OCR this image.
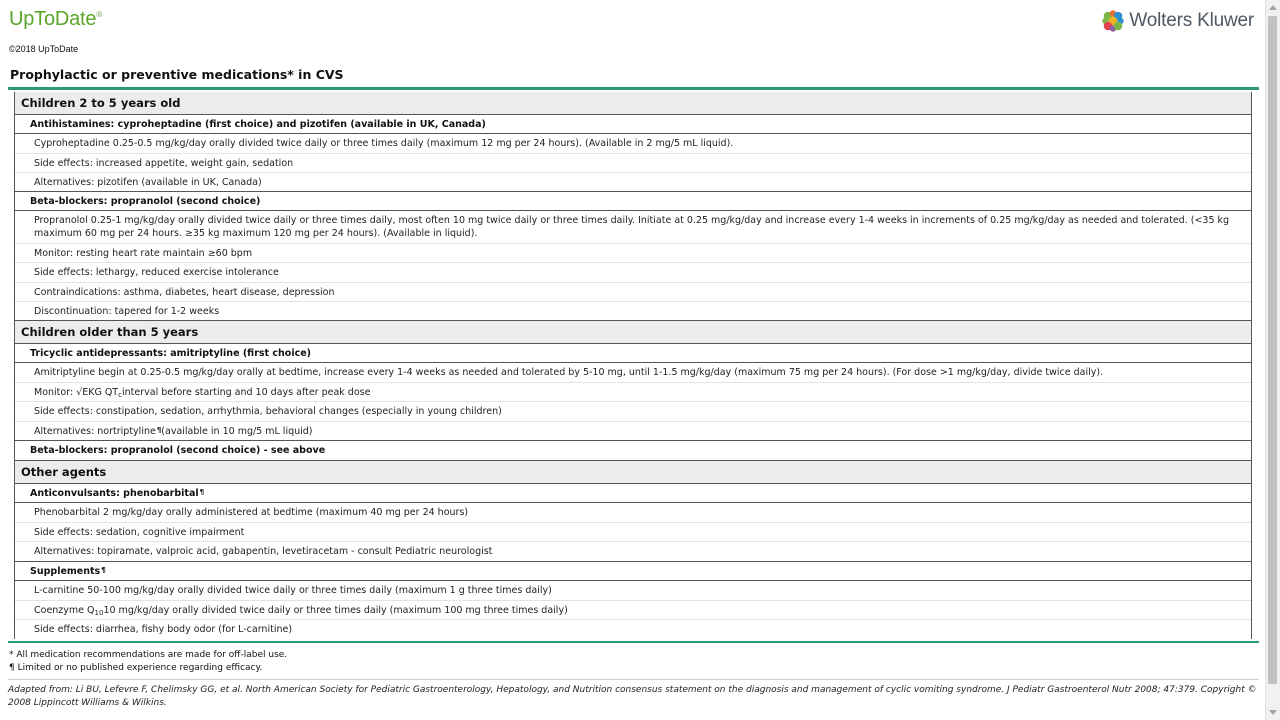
UpToDate®
©2018 UpToDate
Wolters Kluwer
Prophylactic or preventive medications* in CVS
Children 2 to 5 years old
Antihistamines: cyproheptadine (first choice) and pizotifen (available in UK, Canada)
Cyproheptadine 0.25-0.5 mg/kg/day orally divided twice daily or three times daily (maximum 12 mg per 24 hours). (Available in 2 mg/5 mL liquid).
Side effects: increased appetite, weight gain, sedation
Alternatives: pizotifen (available in UK, Canada)
Beta-blockers: propranolol (second choice)
Propranolol 0.25-1 mg/kg/day orally divided twice daily or three times daily, most often 10 mg twice daily or three times daily. Initiate at 0.25 mg/kg/day and increase every 1-4 weeks in increments of 0.25 mg/kg/day as needed and tolerated. (<35 kg maximum 60 mg per 24 hours. ≥35 kg maximum 120 mg per 24 hours). (Available in liquid).
Monitor: resting heart rate maintain ≥60 bpm
Side effects: lethargy, reduced exercise intolerance
Contraindications: asthma, diabetes, heart disease, depression
Discontinuation: tapered for 1-2 weeks
Children older than 5 years
Tricyclic antidepressants: amitriptyline (first choice)
Amitriptyline begin at 0.25-0.5 mg/kg/day orally at bedtime, increase every 1-4 weeks as needed and tolerated by 5-10 mg, until 1-1.5 mg/kg/day (maximum 75 mg per 24 hours). (For dose >1 mg/kg/day, divide twice daily).
Monitor: √EKG QT c interval before starting and 10 days after peak dose
Side effects: constipation, sedation, arrhythmia, behavioral changes (especially in young children)
Alternatives: nortriptyline ¶ (available in 10 mg/5 mL liquid)
Beta-blockers: propranolol (second choice) - see above
Other agents
Anticonvulsants: phenobarbital ¶
Phenobarbital 2 mg/kg/day orally administered at bedtime (maximum 40 mg per 24 hours)
Side effects: sedation, cognitive impairment
Alternatives: topiramate, valproic acid, gabapentin, levetiracetam - consult Pediatric neurologist
Supplements ¶
L-carnitine 50-100 mg/kg/day orally divided twice daily or three times daily (maximum 1 g three times daily)
Coenzyme Q 10 10 mg/kg/day orally divided twice daily or three times daily (maximum 100 mg three times daily)
Side effects: diarrhea, fishy body odor (for L-carnitine)
* All medication recommendations are made for off-label use.
¶ Limited or no published experience regarding efficacy.
Adapted from: Li BU, Lefevre F, Chelimsky GG, et al. North American Society for Pediatric Gastroenterology, Hepatology, and Nutrition consensus statement on the diagnosis and management of cyclic vomiting syndrome. J Pediatr Gastroenterol Nutr 2008; 47:379. Copyright © 2008 Lippincott Williams & Wilkins.
